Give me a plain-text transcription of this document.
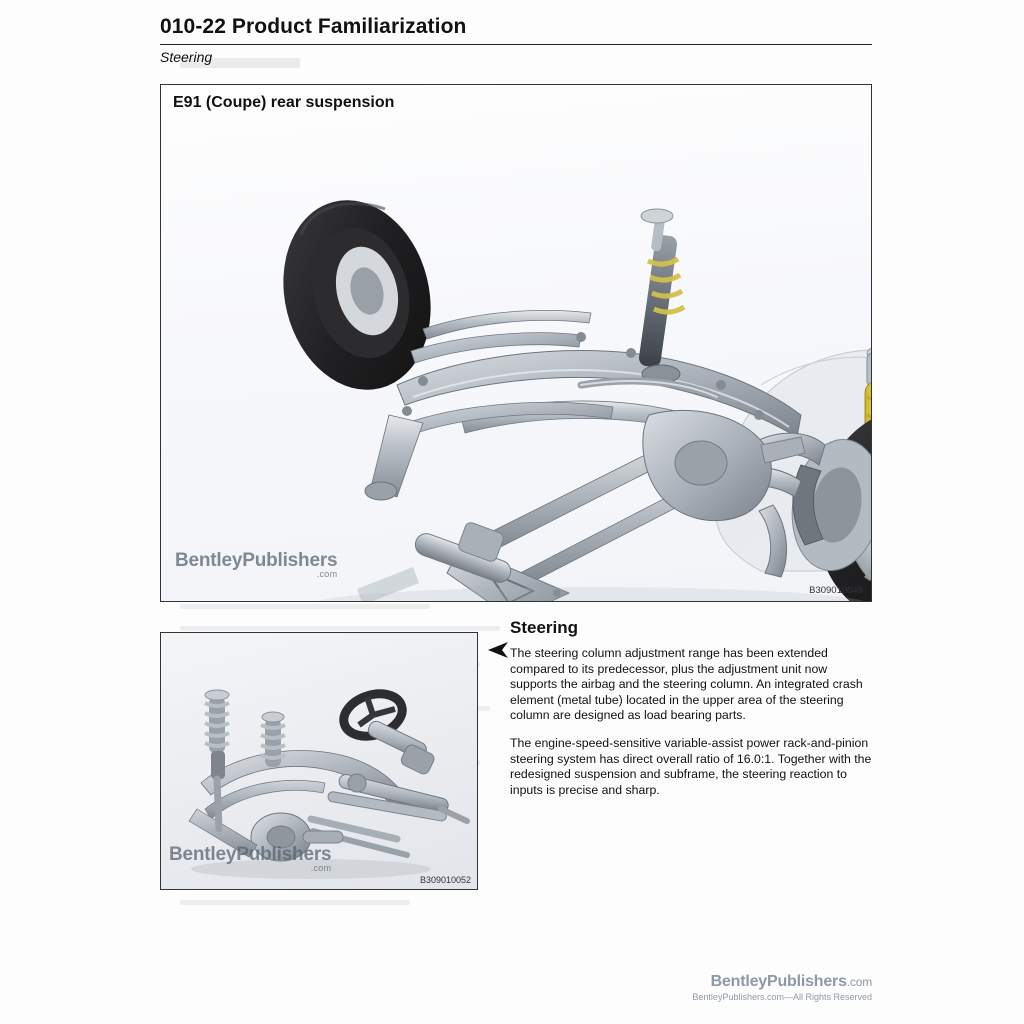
010-22 Product Familiarization
Steering
E91 (Coupe) rear suspension
BentleyPublishers
.com
B309010049
BentleyPublishers
.com
B309010052
Steering

The steering column adjustment range has been extended compared to its predecessor, plus the adjustment unit now supports the airbag and the steering column. An integrated crash element (metal tube) located in the upper area of the steering column are designed as load bearing parts.

The engine-speed-sensitive variable-assist power rack-and-pinion steering system has direct overall ratio of 16.0:1. Together with the redesigned suspension and subframe, the steering reaction to inputs is precise and sharp.

BentleyPublishers.com
BentleyPublishers.com—All Rights Reserved
